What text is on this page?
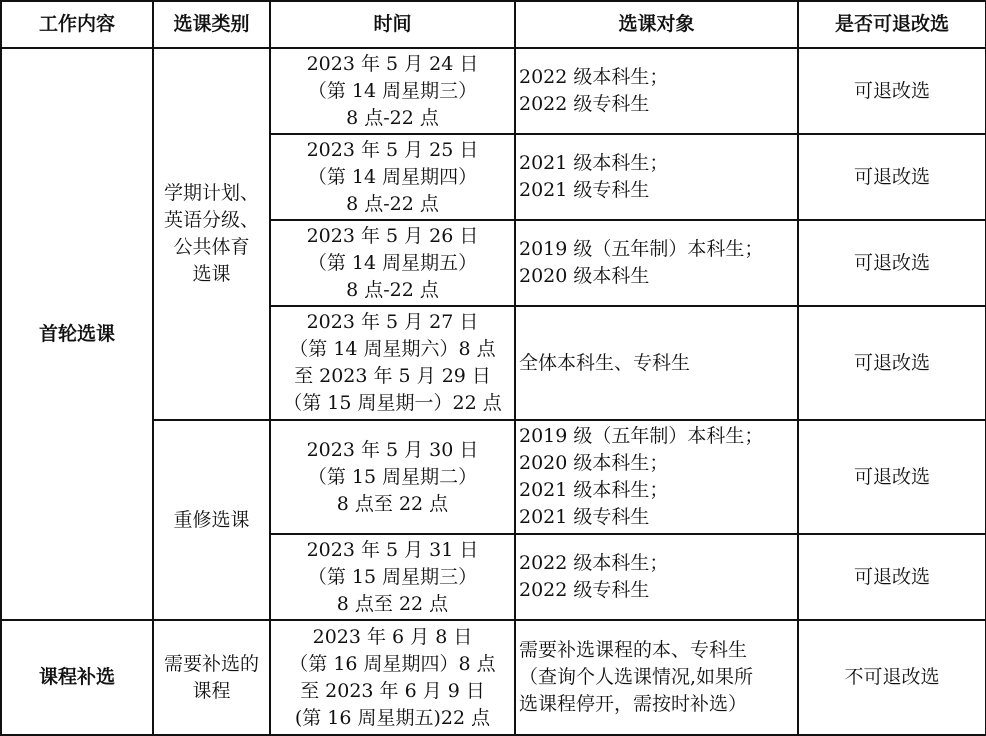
工作内容	选课类别	时间	选课对象	是否可退改选
首轮选课	学期计划、
英语分级、
公共体育
选课	2023 年 5 月 24 日
（第 14 周星期三）
8 点-22 点	2022 级本科生；
2022 级专科生	可退改选

		2023 年 5 月 25 日
（第 14 周星期四）
8 点-22 点	2021 级本科生；
2021 级专科生	可退改选

		2023 年 5 月 26 日
（第 14 周星期五）
8 点-22 点	2019 级（五年制）本科生；
2020 级本科生	可退改选

		2023 年 5 月 27 日
（第 14 周星期六）8 点
至 2023 年 5 月 29 日
（第 15 周星期一）22 点	全体本科生、专科生	可退改选
	重修选课	2023 年 5 月 30 日
（第 15 周星期二）
8 点至 22 点	2019 级（五年制）本科生；
2020 级本科生；
2021 级本科生；
2021 级专科生	可退改选

		2023 年 5 月 31 日
（第 15 周星期三）
8 点至 22 点	2022 级本科生；
2022 级专科生	可退改选
课程补选	需要补选的
课程	2023 年 6 月 8 日
（第 16 周星期四）8 点
至 2023 年 6 月 9 日
(第 16 周星期五)22 点	需要补选课程的本、专科生
（查询个人选课情况,如果所
选课程停开，需按时补选）	不可退改选
